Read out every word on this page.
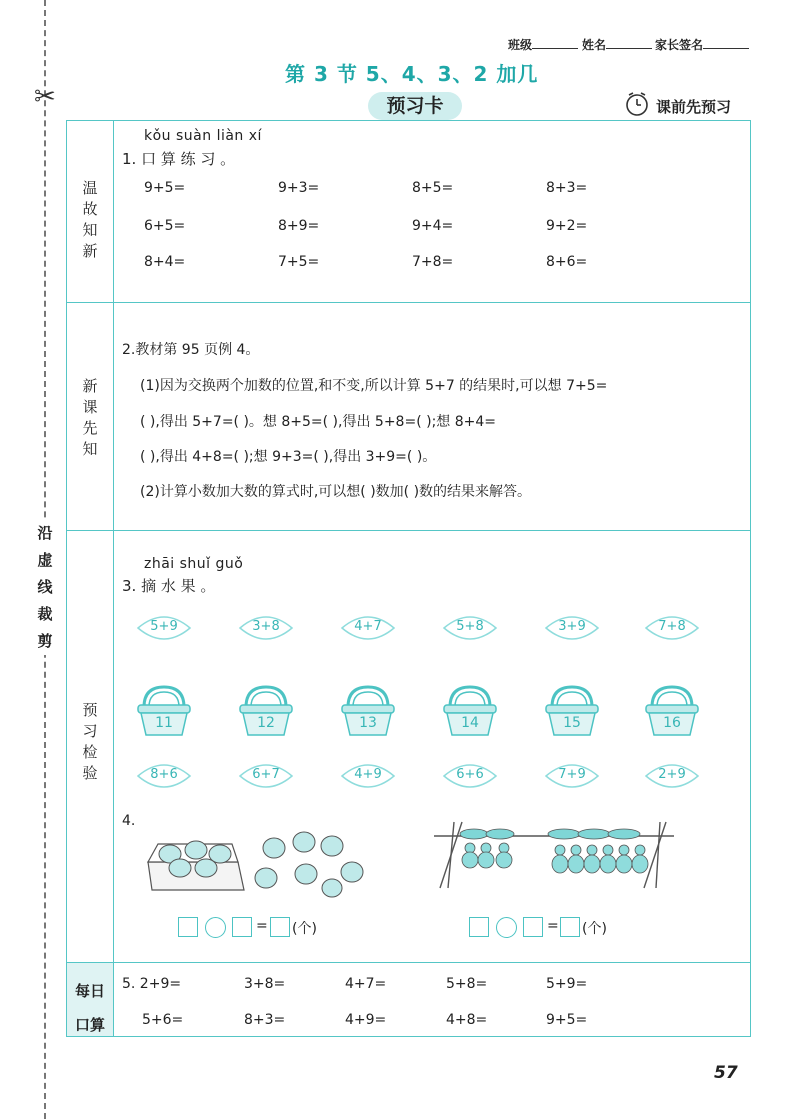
✂
沿
虚
线
裁
剪
班级	姓名	家长签名
第 3 节 5、4、3、2 加几
预习卡	课前先预习
温
故
知
新
新
课
先
知
预
习
检
验
每日
口算
kǒu suàn liàn xí
1. 口 算 练 习 。
9+5=	9+3=	8+5=	8+3=
6+5=	8+9=	9+4=	9+2=
8+4=	7+5=	7+8=	8+6=
2.教材第 95 页例 4。
(1)因为交换两个加数的位置,和不变,所以计算 5+7 的结果时,可以想 7+5=
( ),得出 5+7=( )。想 8+5=( ),得出 5+8=( );想 8+4=
( ),得出 4+8=( );想 9+3=( ),得出 3+9=( )。
(2)计算小数加大数的算式时,可以想( )数加( )数的结果来解答。
zhāi shuǐ guǒ
3. 摘 水 果 。
5+9	3+8	4+7	5+8	3+9	7+8
11	12	13	14	15	16
8+6	6+7	4+9	6+6	7+9	2+9
4.
= (个)	= (个)
5. 2+9=	3+8=	4+7=	5+8=	5+9=
5+6=	8+3=	4+9=	4+8=	9+5=
57
